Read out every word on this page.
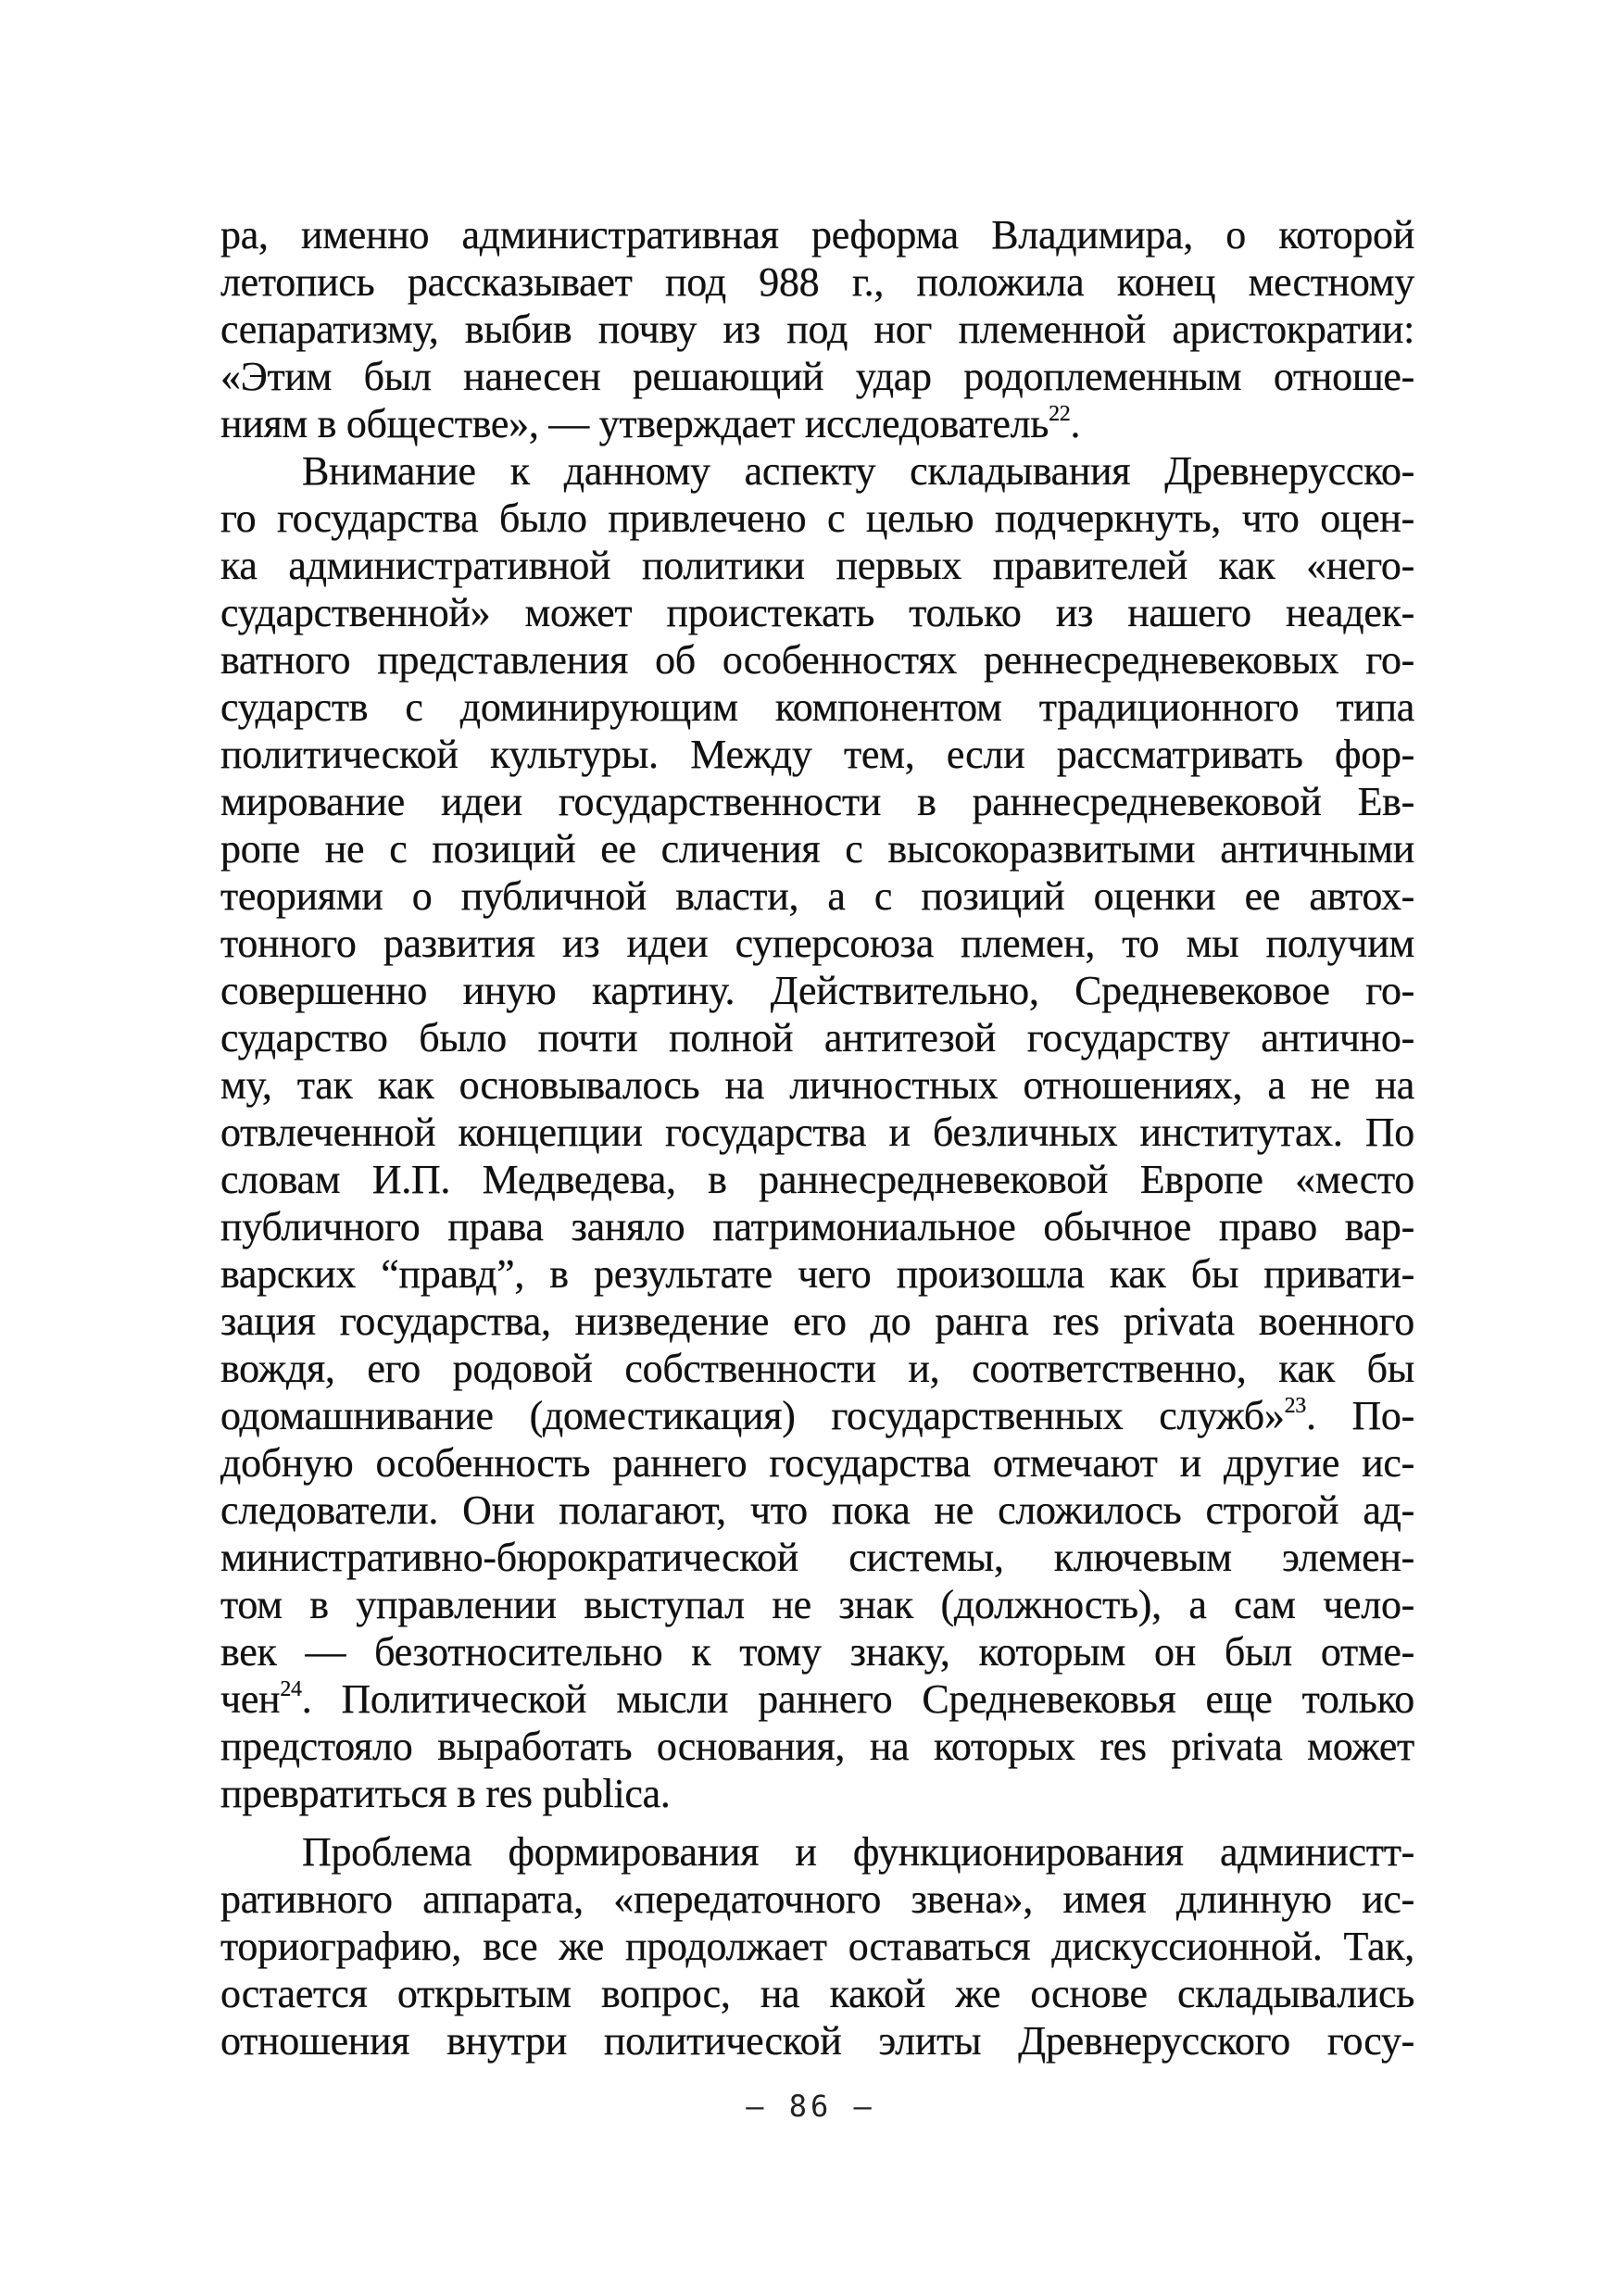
ра, именно административная реформа Владимира, о которой
летопись рассказывает под 988 г., положила конец местному
сепаратизму, выбив почву из под ног племенной аристократии:
«Этим был нанесен решающий удар родоплеменным отноше-
ниям в обществе», — утверждает исследователь$^{22}$.
Внимание к данному аспекту складывания Древнерусско-
го государства было привлечено с целью подчеркнуть, что оцен-
ка административной политики первых правителей как «него-
сударственной» может проистекать только из нашего неадек-
ватного представления об особенностях реннесредневековых го-
сударств с доминирующим компонентом традиционного типа
политической культуры. Между тем, если рассматривать фор-
мирование идеи государственности в раннесредневековой Ев-
ропе не с позиций ее сличения с высокоразвитыми античными
теориями о публичной власти, а с позиций оценки ее автох-
тонного развития из идеи суперсоюза племен, то мы получим
совершенно иную картину. Действительно, Средневековое го-
сударство было почти полной антитезой государству антично-
му, так как основывалось на личностных отношениях, а не на
отвлеченной концепции государства и безличных институтах. По
словам И.П. Медведева, в раннесредневековой Европе «место
публичного права заняло патримониальное обычное право вар-
варских “правд”, в результате чего произошла как бы привати-
зация государства, низведение его до ранга res privata военного
вождя, его родовой собственности и, соответственно, как бы
одомашнивание (доместикация) государственных служб»$^{23}$. По-
добную особенность раннего государства отмечают и другие ис-
следователи. Они полагают, что пока не сложилось строгой ад-
министративно-бюрократической системы, ключевым элемен-
том в управлении выступал не знак (должность), а сам чело-
век — безотносительно к тому знаку, которым он был отме-
чен$^{24}$. Политической мысли раннего Средневековья еще только
предстояло выработать основания, на которых res privata может
превратиться в res publica.
Проблема формирования и функционирования администт-
ративного аппарата, «передаточного звена», имея длинную ис-
ториографию, все же продолжает оставаться дискуссионной. Так,
остается открытым вопрос, на какой же основе складывались
отношения внутри политической элиты Древнерусского госу-
— 86 —
